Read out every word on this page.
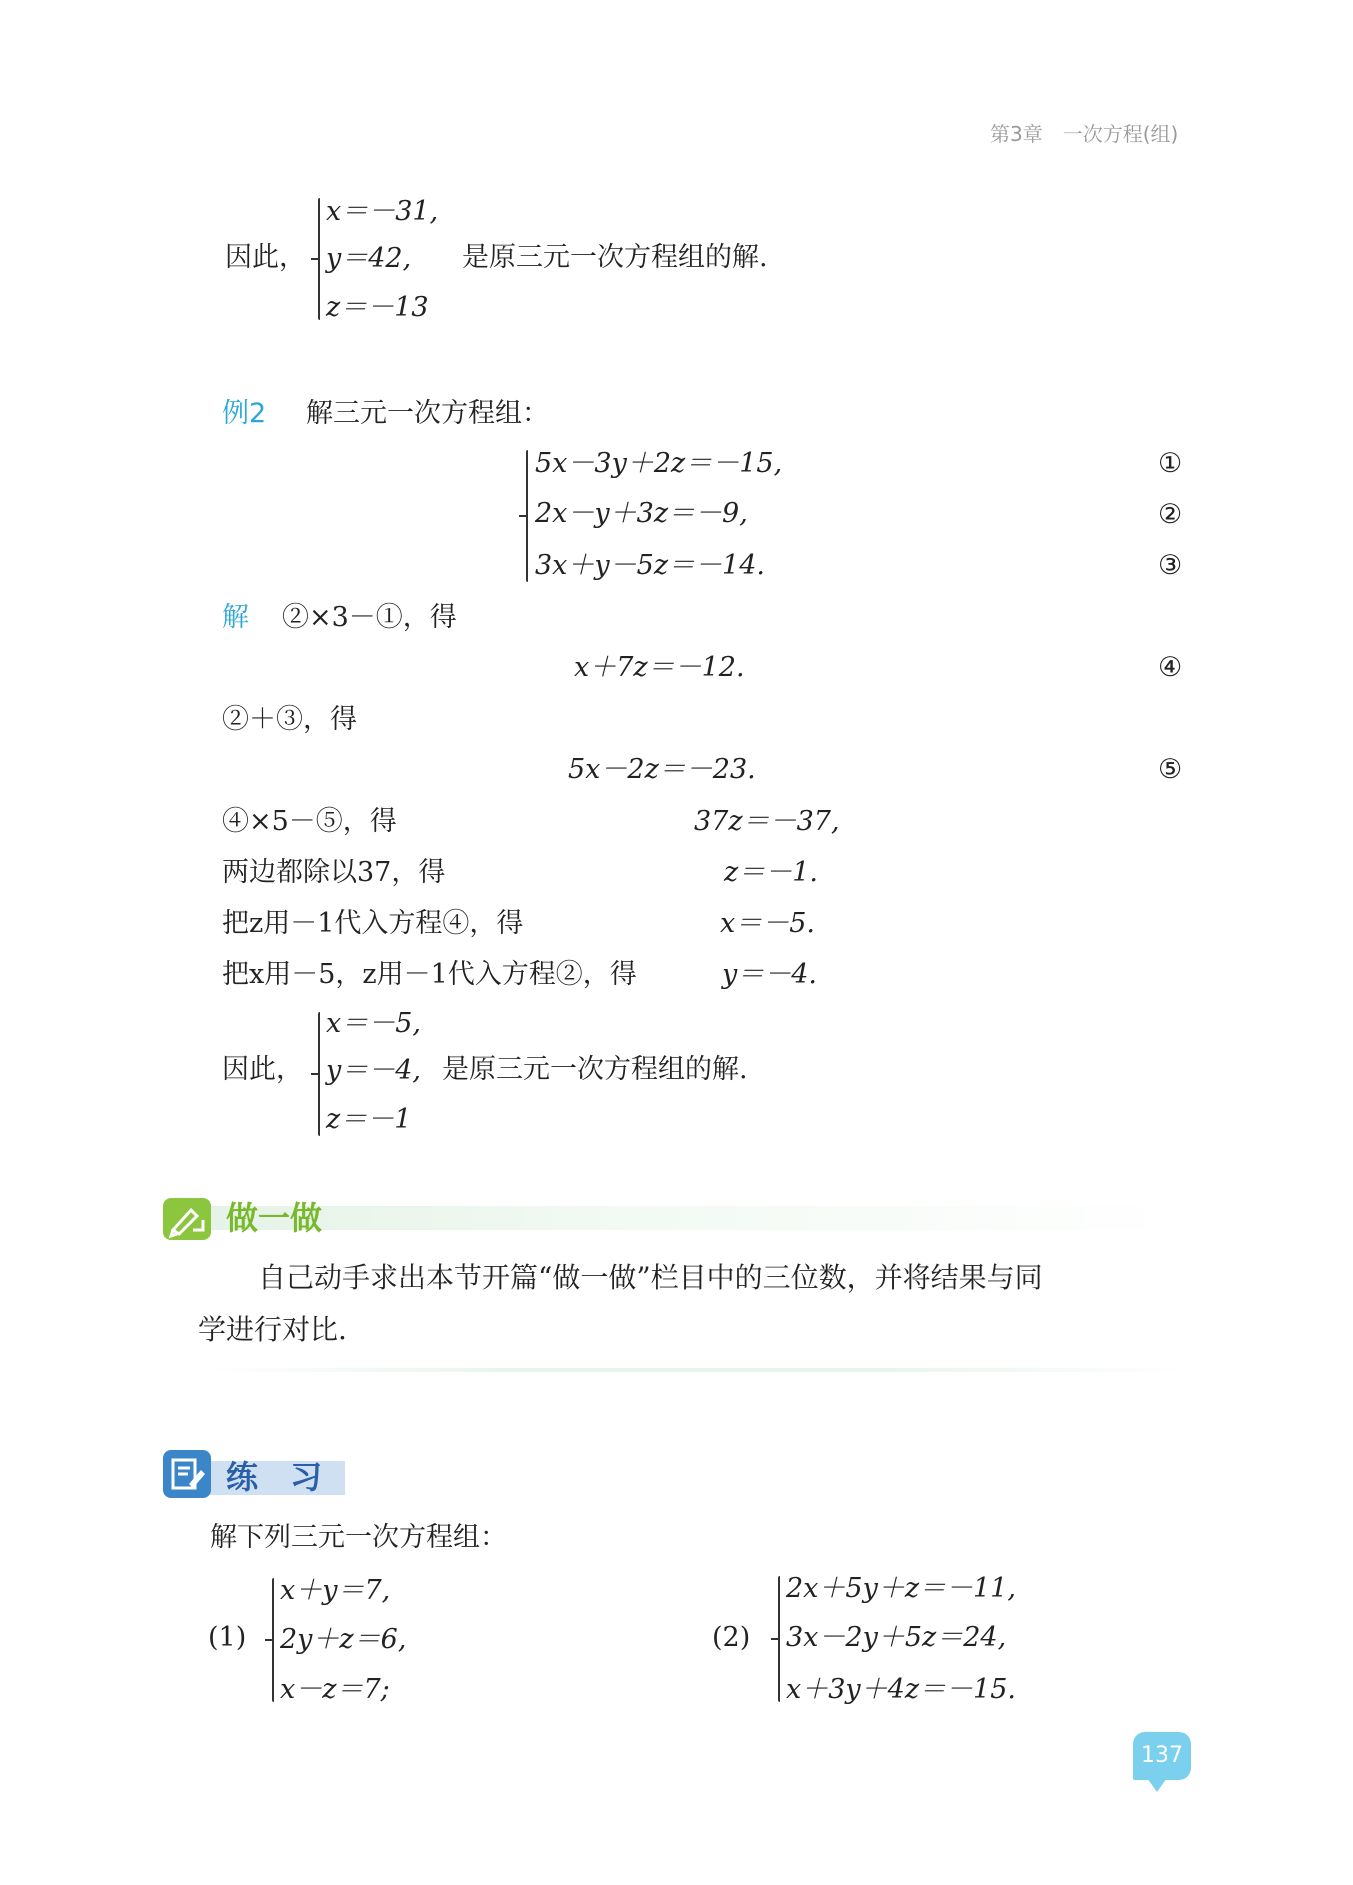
第3章　一次方程(组)
因此，
x＝－31,
y＝42,
z＝－13
是原三元一次方程组的解.
例2 解三元一次方程组：
5x－3y＋2z＝－15,
2x－y＋3z＝－9,
3x＋y－5z＝－14.
①
②
③
解 ②×3－①，得
x＋7z＝－12.	④
②＋③，得
5x－2z＝－23.	⑤
④×5－⑤，得	37z＝－37,
两边都除以37，得	z＝－1.
把z用－1代入方程④，得	x＝－5.
把x用－5，z用－1代入方程②，得	y＝－4.
因此，
x＝－5,
y＝－4,
z＝－1
是原三元一次方程组的解.
做一做
自己动手求出本节开篇“做一做”栏目中的三位数，并将结果与同
学进行对比.
练　习
解下列三元一次方程组：
(1)
x＋y＝7,
2y＋z＝6,
x－z＝7;
(2)
2x＋5y＋z＝－11,
3x－2y＋5z＝24,
x＋3y＋4z＝－15.
137
